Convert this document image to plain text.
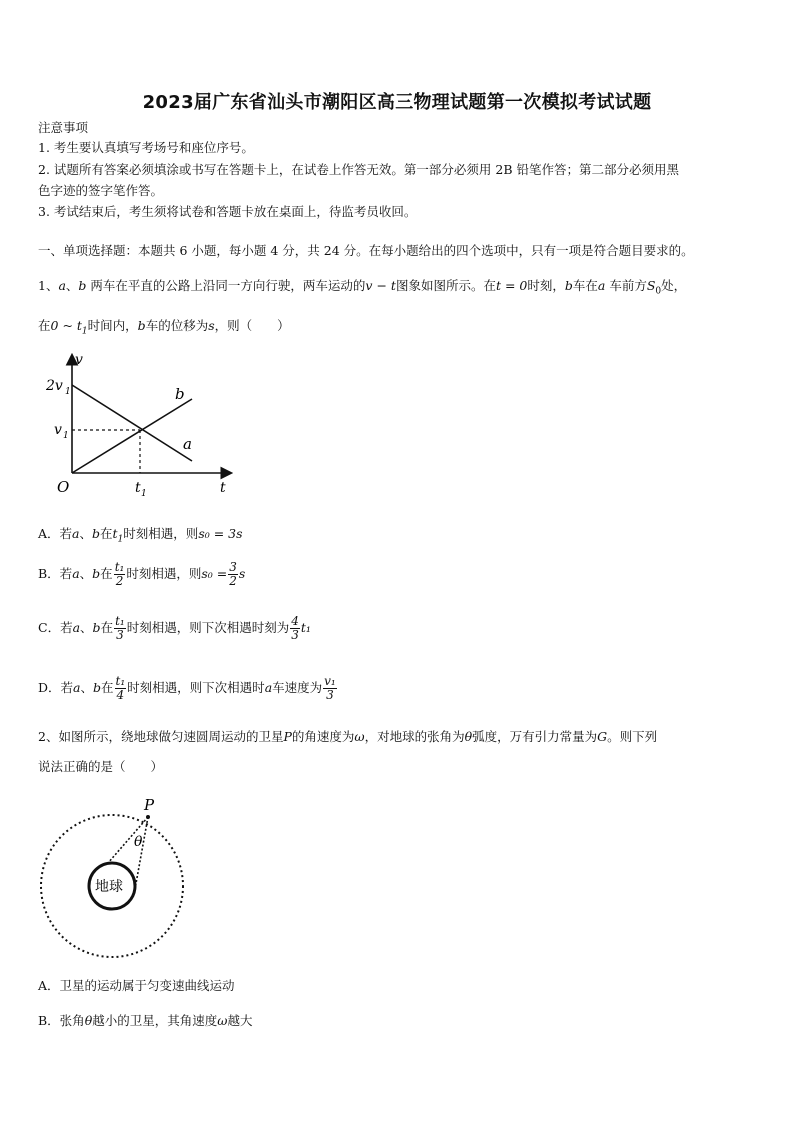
2023届广东省汕头市潮阳区高三物理试题第一次模拟考试试题
注意事项
1. 考生要认真填写考场号和座位序号。
2. 试题所有答案必须填涂或书写在答题卡上，在试卷上作答无效。第一部分必须用 2B 铅笔作答；第二部分必须用黑
色字迹的签字笔作答。
3. 考试结束后，考生须将试卷和答题卡放在桌面上，待监考员收回。
一、单项选择题：本题共 6 小题，每小题 4 分，共 24 分。在每小题给出的四个选项中，只有一项是符合题目要求的。
1、a、b 两车在平直的公路上沿同一方向行驶，两车运动的v − t图象如图所示。在t = 0时刻，b车在a 车前方$S_0$处，
在0 ~ $t_1$时间内，b车的位移为s，则（　　）
v
t
O
2v 1
v 1
t 1
b
a
A．若a、b在$t_1$时刻相遇，则s₀ = 3s
B．若a、b在 $\frac{\text{t₁}}{2}$ 时刻相遇，则$s_0 = \frac{3}{2}$ s
C．若a、b在 $\frac{\text{t₁}}{3}$ 时刻相遇，则下次相遇时刻为 $\frac{4}{3} t_1$
D．若a、b在 $\frac{\text{t₁}}{4}$ 时刻相遇，则下次相遇时a车速度为 $\frac{\text{v₁}}{3}$
2、如图所示，绕地球做匀速圆周运动的卫星P的角速度为ω，对地球的张角为θ弧度，万有引力常量为G。则下列
说法正确的是（　　）
P
θ
地球
A．卫星的运动属于匀变速曲线运动
B．张角θ越小的卫星，其角速度ω越大
